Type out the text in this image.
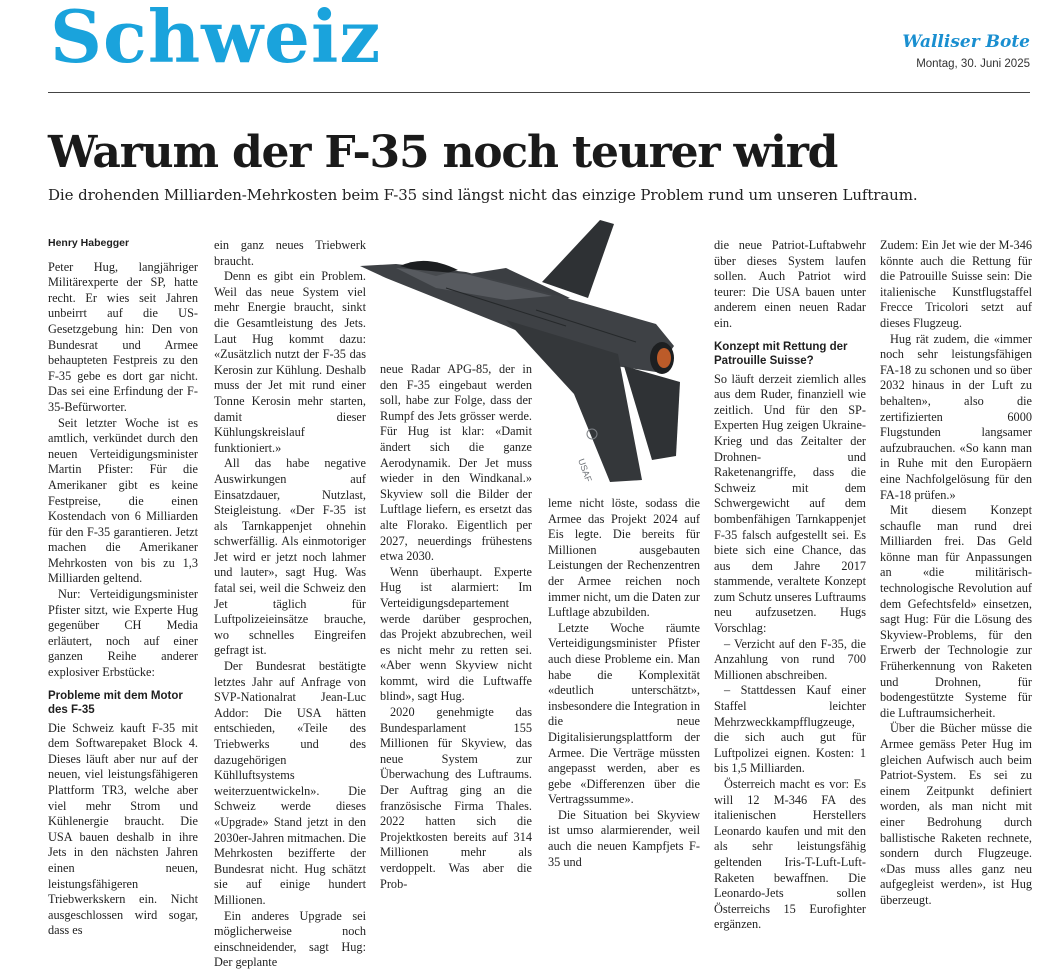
Schweiz	Walliser Bote
Montag, 30. Juni 2025
Warum der F-35 noch teurer wird
Die drohenden Milliarden-Mehrkosten beim F-35 sind längst nicht das einzige Problem rund um unseren Luftraum.
Henry Habegger

Peter Hug, langjähriger Militärexperte der SP, hatte recht. Er wies seit Jahren unbeirrt auf die US-Gesetzgebung hin: Den von Bundesrat und Armee behaupteten Festpreis zu den F-35 gebe es dort gar nicht. Das sei eine Erfindung der F-35-Befürworter.

Seit letzter Woche ist es amtlich, verkündet durch den neuen Verteidigungsminister Martin Pfister: Für die Amerikaner gibt es keine Festpreise, die einen Kostendach von 6 Milliarden für den F-35 garantieren. Jetzt machen die Amerikaner Mehrkosten von bis zu 1,3 Milliarden geltend.

Nur: Verteidigungsminister Pfister sitzt, wie Experte Hug gegenüber CH Media erläutert, noch auf einer ganzen Reihe anderer explosiver Erbstücke:

Probleme mit dem Motor des F-35

Die Schweiz kauft F-35 mit dem Softwarepaket Block 4. Dieses läuft aber nur auf der neuen, viel leistungsfähigeren Plattform TR3, welche aber viel mehr Strom und Kühlenergie braucht. Die USA bauen deshalb in ihre Jets in den nächsten Jahren einen neuen, leistungsfähigeren Triebwerkskern ein. Nicht ausgeschlossen wird sogar, dass es

ein ganz neues Triebwerk braucht.

Denn es gibt ein Problem. Weil das neue System viel mehr Energie braucht, sinkt die Gesamtleistung des Jets. Laut Hug kommt dazu: «Zusätzlich nutzt der F-35 das Kerosin zur Kühlung. Deshalb muss der Jet mit rund einer Tonne Kerosin mehr starten, damit dieser Kühlungskreislauf funktioniert.»

All das habe negative Auswirkungen auf Einsatzdauer, Nutzlast, Steigleistung. «Der F-35 ist als Tarnkappenjet ohnehin schwerfällig. Als einmotoriger Jet wird er jetzt noch lahmer und lauter», sagt Hug. Was fatal sei, weil die Schweiz den Jet täglich für Luftpolizeieinsätze brauche, wo schnelles Eingreifen gefragt ist.

Der Bundesrat bestätigte letztes Jahr auf Anfrage von SVP-Nationalrat Jean-Luc Addor: Die USA hätten entschieden, «Teile des Triebwerks und des dazugehörigen Kühlluftsystems weiterzuentwickeln». Die Schweiz werde dieses «Upgrade» Stand jetzt in den 2030er-Jahren mitmachen. Die Mehrkosten bezifferte der Bundesrat nicht. Hug schätzt sie auf einige hundert Millionen.

Ein anderes Upgrade sei möglicherweise noch einschneidender, sagt Hug: Der geplante

neue Radar APG-85, der in den F-35 eingebaut werden soll, habe zur Folge, dass der Rumpf des Jets grösser werde. Für Hug ist klar: «Damit ändert sich die ganze Aerodynamik. Der Jet muss wieder in den Windkanal.» Skyview soll die Bilder der Luftlage liefern, es ersetzt das alte Florako. Eigentlich per 2027, neuerdings frühestens etwa 2030.

Wenn überhaupt. Experte Hug ist alarmiert: Im Verteidigungsdepartement werde darüber gesprochen, das Projekt abzubrechen, weil es nicht mehr zu retten sei. «Aber wenn Skyview nicht kommt, wird die Luftwaffe blind», sagt Hug.

2020 genehmigte das Bundesparlament 155 Millionen für Skyview, das neue System zur Überwachung des Luftraums. Der Auftrag ging an die französische Firma Thales. 2022 hatten sich die Projektkosten bereits auf 314 Millionen mehr als verdoppelt. Was aber die Prob-

leme nicht löste, sodass die Armee das Projekt 2024 auf Eis legte. Die bereits für Millionen ausgebauten Leistungen der Rechenzentren der Armee reichen noch immer nicht, um die Daten zur Luftlage abzubilden.

Letzte Woche räumte Verteidigungsminister Pfister auch diese Probleme ein. Man habe die Komplexität «deutlich unterschätzt», insbesondere die Integration in die neue Digitalisierungsplattform der Armee. Die Verträge müssten angepasst werden, aber es gebe «Differenzen über die Vertragssumme».

Die Situation bei Skyview ist umso alarmierender, weil auch die neuen Kampfjets F-35 und

die neue Patriot-Luftabwehr über dieses System laufen sollen. Auch Patriot wird teurer: Die USA bauen unter anderem einen neuen Radar ein.

Konzept mit Rettung der Patrouille Suisse?

So läuft derzeit ziemlich alles aus dem Ruder, finanziell wie zeitlich. Und für den SP-Experten Hug zeigen Ukraine-Krieg und das Zeitalter der Drohnen- und Raketenangriffe, dass die Schweiz mit dem Schwergewicht auf dem bombenfähigen Tarnkappenjet F-35 falsch aufgestellt sei. Es biete sich eine Chance, das aus dem Jahre 2017 stammende, veraltete Konzept zum Schutz unseres Luftraums neu aufzusetzen. Hugs Vorschlag:

– Verzicht auf den F-35, die Anzahlung von rund 700 Millionen abschreiben.

– Stattdessen Kauf einer Staffel leichter Mehrzweckkampfflugzeuge, die sich auch gut für Luftpolizei eignen. Kosten: 1 bis 1,5 Milliarden.

Österreich macht es vor: Es will 12 M-346 FA des italienischen Herstellers Leonardo kaufen und mit den als sehr leistungsfähig geltenden Iris-T-Luft-Luft-Raketen bewaffnen. Die Leonardo-Jets sollen Österreichs 15 Eurofighter ergänzen.

Zudem: Ein Jet wie der M-346 könnte auch die Rettung für die Patrouille Suisse sein: Die italienische Kunstflugstaffel Frecce Tricolori setzt auf dieses Flugzeug.

Hug rät zudem, die «immer noch sehr leistungsfähigen FA-18 zu schonen und so über 2032 hinaus in der Luft zu behalten», also die zertifizierten 6000 Flugstunden langsamer aufzubrauchen. «So kann man in Ruhe mit den Europäern eine Nachfolgelösung für den FA-18 prüfen.»

Mit diesem Konzept schaufle man rund drei Milliarden frei. Das Geld könne man für Anpassungen an «die militärisch-technologische Revolution auf dem Gefechtsfeld» einsetzen, sagt Hug: Für die Lösung des Skyview-Problems, für den Erwerb der Technologie zur Früherkennung von Raketen und Drohnen, für bodengestützte Systeme für die Luftraumsicherheit.

Über die Bücher müsse die Armee gemäss Peter Hug im gleichen Aufwisch auch beim Patriot-System. Es sei zu einem Zeitpunkt definiert worden, als man nicht mit einer Bedrohung durch ballistische Raketen rechnete, sondern durch Flugzeuge. «Das muss alles ganz neu aufgegleist werden», ist Hug überzeugt.

USAF
